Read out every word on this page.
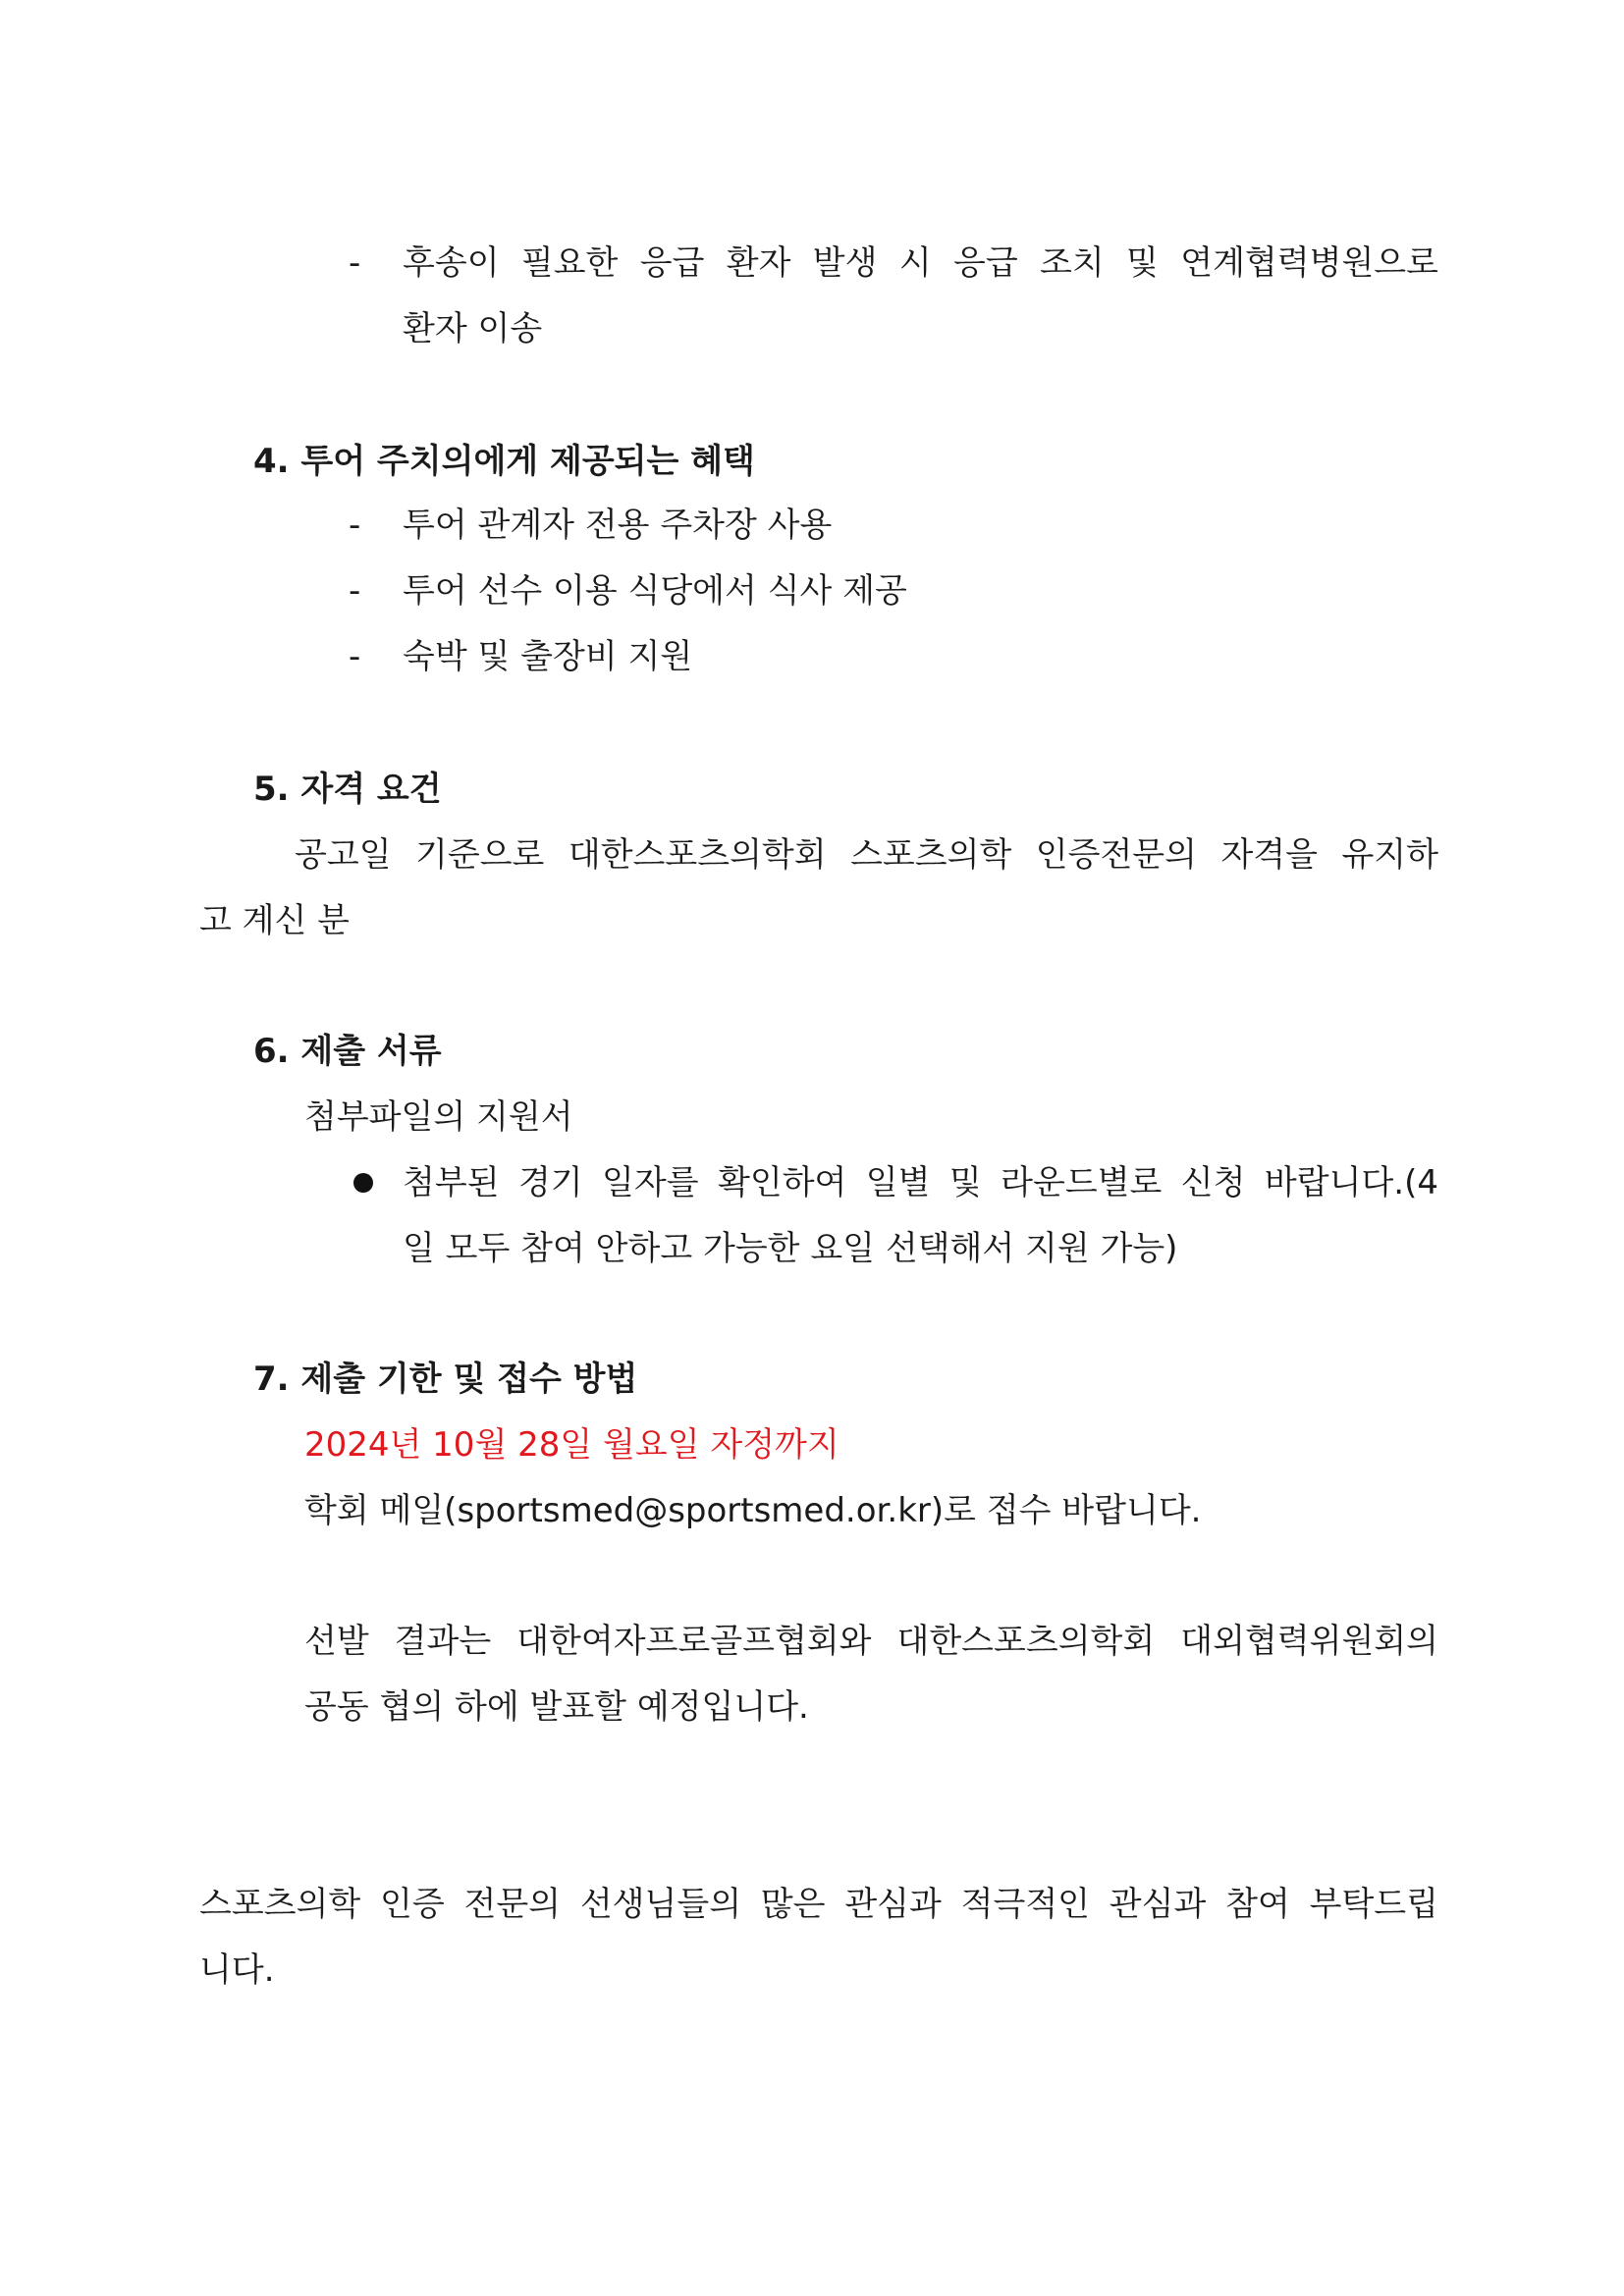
- 후송이 필요한 응급 환자 발생 시 응급 조치 및 연계협력병원으로
환자 이송
4. 투어 주치의에게 제공되는 혜택
- 투어 관계자 전용 주차장 사용
- 투어 선수 이용 식당에서 식사 제공
- 숙박 및 출장비 지원
5. 자격 요건
공고일 기준으로 대한스포츠의학회 스포츠의학 인증전문의 자격을 유지하
고 계신 분
6. 제출 서류
첨부파일의 지원서
첨부된 경기 일자를 확인하여 일별 및 라운드별로 신청 바랍니다.(4
일 모두 참여 안하고 가능한 요일 선택해서 지원 가능)
7. 제출 기한 및 접수 방법
2024년 10월 28일 월요일 자정까지
학회 메일(sportsmed@sportsmed.or.kr)로 접수 바랍니다.
선발 결과는 대한여자프로골프협회와 대한스포츠의학회 대외협력위원회의
공동 협의 하에 발표할 예정입니다.
스포츠의학 인증 전문의 선생님들의 많은 관심과 적극적인 관심과 참여 부탁드립
니다.
